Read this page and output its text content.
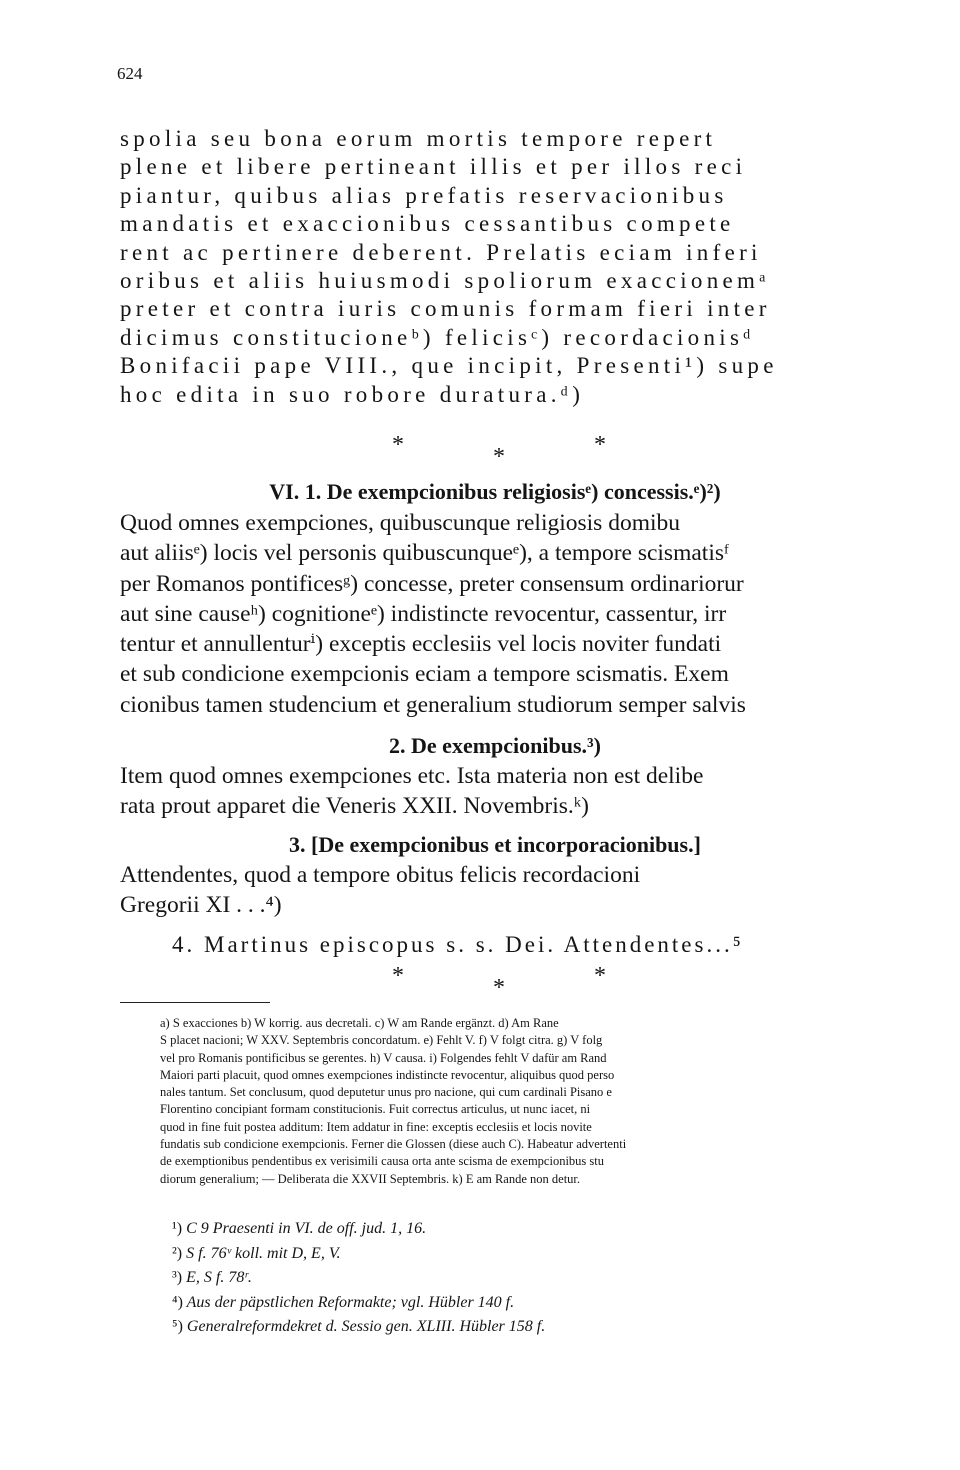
624
spolia seu bona eorum mortis tempore repert
plene et libere pertineant illis et per illos reci
piantur, quibus alias prefatis reservacionibus
mandatis et exaccionibus cessantibus compete
rent ac pertinere deberent. Prelatis eciam inferi
oribus et aliis huiusmodi spoliorum exaccionemᵃ
preter et contra iuris comunis formam fieri inter
dicimus constitucioneᵇ) felicisᶜ) recordacionisᵈ
Bonifacii pape VIII., que incipit, Presenti¹) supe
hoc edita in suo robore duratura.ᵈ)
*	*	*
VI. 1. De exempcionibus religiosisᵉ) concessis.ᵉ)²)
Quod omnes exempciones, quibuscunque religiosis domibu
aut aliisᵉ) locis vel personis quibuscunqueᵉ), a tempore scismatisᶠ
per Romanos pontificesᵍ) concesse, preter consensum ordinariorur
aut sine causeʰ) cognitioneᵉ) indistincte revocentur, cassentur, irr
tentur et annullenturⁱ) exceptis ecclesiis vel locis noviter fundati
et sub condicione exempcionis eciam a tempore scismatis. Exem
cionibus tamen studencium et generalium studiorum semper salvis
2. De exempcionibus.³)
Item quod omnes exempciones etc. Ista materia non est delibe
rata prout apparet die Veneris XXII. Novembris.ᵏ)
3. [De exempcionibus et incorporacionibus.]
Attendentes, quod a tempore obitus felicis recordacioni
Gregorii XI . . .⁴)
4. Martinus episcopus s. s. Dei. Attendentes...⁵
*	*	*
a) S exacciones b) W korrig. aus decretali. c) W am Rande ergänzt. d) Am Rane
S placet nacioni; W XXV. Septembris concordatum. e) Fehlt V. f) V folgt citra. g) V folg
vel pro Romanis pontificibus se gerentes. h) V causa. i) Folgendes fehlt V dafür am Rand
Maiori parti placuit, quod omnes exempciones indistincte revocentur, aliquibus quod perso
nales tantum. Set conclusum, quod deputetur unus pro nacione, qui cum cardinali Pisano e
Florentino concipiant formam constitucionis. Fuit correctus articulus, ut nunc iacet, ni
quod in fine fuit postea additum: Item addatur in fine: exceptis ecclesiis et locis novite
fundatis sub condicione exempcionis. Ferner die Glossen (diese auch C). Habeatur advertenti
de exemptionibus pendentibus ex verisimili causa orta ante scisma de exempcionibus stu
diorum generalium; — Deliberata die XXVII Septembris. k) E am Rande non detur.
¹) C 9 Praesenti in VI. de off. jud. 1, 16.
²) S f. 76ᵛ koll. mit D, E, V.
³) E, S f. 78ʳ.
⁴) Aus der päpstlichen Reformakte; vgl. Hübler 140 f.
⁵) Generalreformdekret d. Sessio gen. XLIII. Hübler 158 f.
